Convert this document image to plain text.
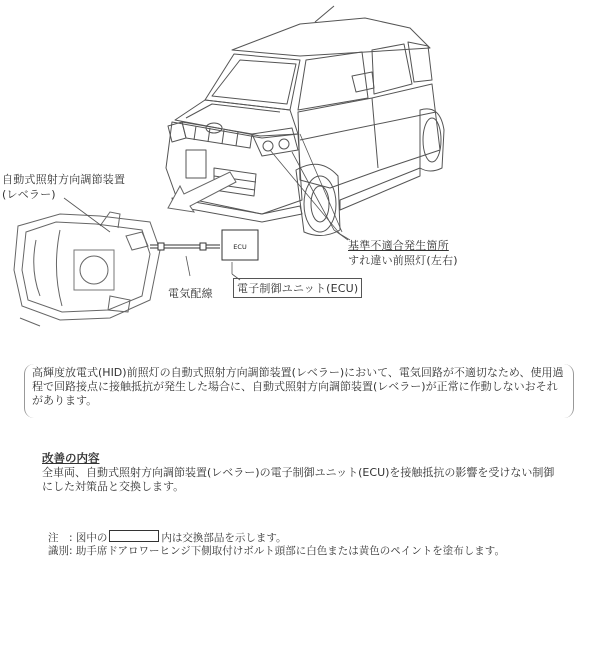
ECU
自動式照射方向調節装置
(レベラー)
電気配線	電子制御ユニット(ECU)
基準不適合発生箇所
すれ違い前照灯(左右)
高輝度放電式(HID)前照灯の自動式照射方向調節装置(レベラー)において、電気回路が不適切なため、使用過程で回路接点に接触抵抗が発生した場合に、自動式照射方向調節装置(レベラー)が正常に作動しないおそれがあります。
改善の内容
全車両、自動式照射方向調節装置(レベラー)の電子制御ユニット(ECU)を接触抵抗の影響を受けない制御にした対策品と交換します。
注　: 図中の	内は交換部品を示します。
識別: 助手席ドアロワーヒンジ下側取付けボルト頭部に白色または黄色のペイントを塗布します。
